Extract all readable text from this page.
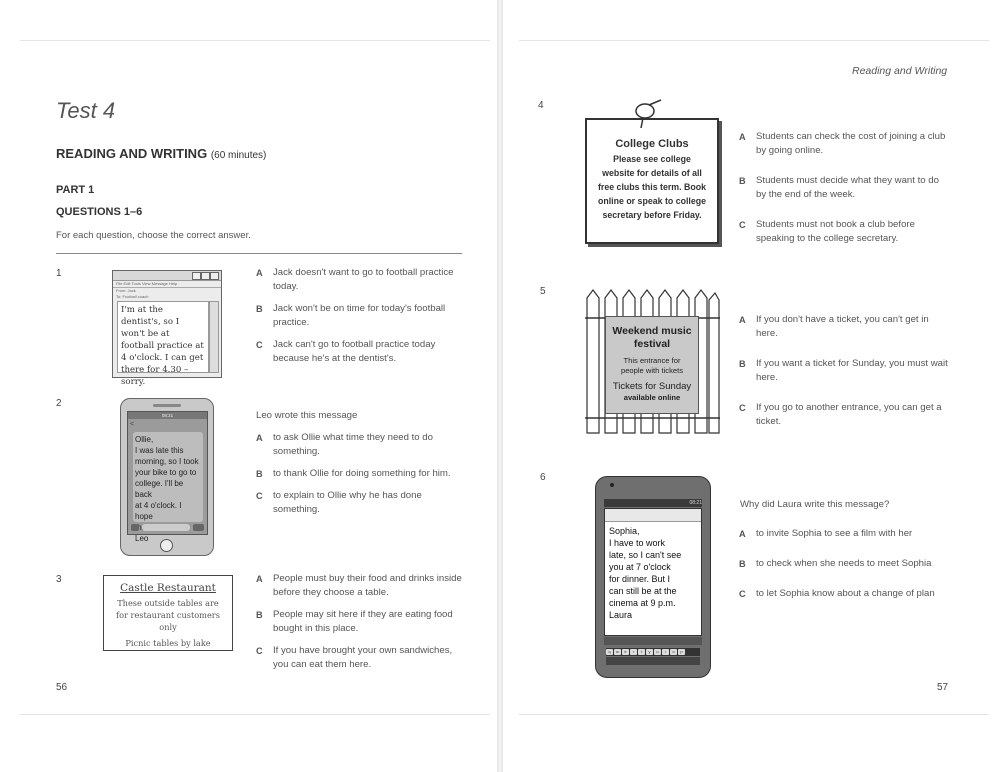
Test 4
READING AND WRITING (60 minutes)
PART 1
QUESTIONS 1–6
For each question, choose the correct answer.
1
File Edit Tools View Message Help
From: Jack
To: Football coach
I'm at the dentist's, so I won't be at football practice at 4 o'clock. I can get there for 4.30 – sorry.
A	Jack doesn't want to go to football practice today.
B	Jack won't be on time for today's football practice.
C	Jack can't go to football practice today because he's at the dentist's.
2
08:21
<
Ollie,
I was late this
morning, so I took
your bike to go to
college. I'll be back
at 4 o'clock. I hope
Leo
Leo wrote this message
A	to ask Ollie what time they need to do something.
B	to thank Ollie for doing something for him.
C	to explain to Ollie why he has done something.
3
Castle Restaurant
These outside tables are for restaurant customers only
Picnic tables by lake
A	People must buy their food and drinks inside before they choose a table.
B	People may sit here if they are eating food bought in this place.
C	If you have brought your own sandwiches, you can eat them here.
56
Reading and Writing
4
College Clubs
Please see college
website for details of all
free clubs this term. Book
online or speak to college
secretary before Friday.
A	Students can check the cost of joining a club by going online.
B	Students must decide what they want to do by the end of the week.
C	Students must not book a club before speaking to the college secretary.
5
Weekend music
festival
This entrance for
people with tickets
Tickets for Sunday
available online
A	If you don't have a ticket, you can't get in here.
B	If you want a ticket for Sunday, you must wait here.
C	If you go to another entrance, you can get a ticket.
6
08:21
Sophia,
I have to work
late, so I can't see
you at 7 o'clock
for dinner. But I
can still be at the
cinema at 9 p.m.
Laura
q w e r t y u i o p
Why did Laura write this message?
A	to invite Sophia to see a film with her
B	to check when she needs to meet Sophia
C	to let Sophia know about a change of plan
57
